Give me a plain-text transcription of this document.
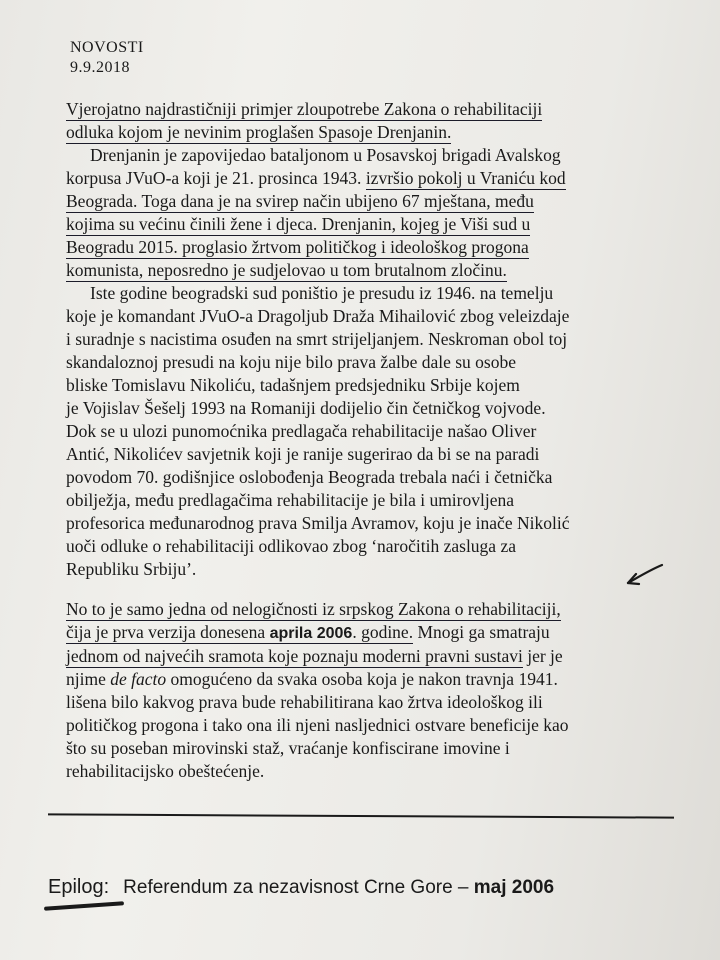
NOVOSTI
9.9.2018
Vjerojatno najdrastičniji primjer zloupotrebe Zakona o rehabilitaciji
odluka kojom je nevinim proglašen Spasoje Drenjanin.
Drenjanin je zapovijedao bataljonom u Posavskoj brigadi Avalskog
korpusa JVuO-a koji je 21. prosinca 1943. izvršio pokolj u Vraniću kod
Beograda. Toga dana je na svirep način ubijeno 67 mještana, među
kojima su većinu činili žene i djeca. Drenjanin, kojeg je Viši sud u
Beogradu 2015. proglasio žrtvom političkog i ideološkog progona
komunista, neposredno je sudjelovao u tom brutalnom zločinu.
Iste godine beogradski sud poništio je presudu iz 1946. na temelju
koje je komandant JVuO-a Dragoljub Draža Mihailović zbog veleizdaje
i suradnje s nacistima osuđen na smrt strijeljanjem. Neskroman obol toj
skandaloznoj presudi na koju nije bilo prava žalbe dale su osobe
bliske Tomislavu Nikoliću, tadašnjem predsjedniku Srbije kojem
je Vojislav Šešelj 1993 na Romaniji dodijelio čin četničkog vojvode.
Dok se u ulozi punomoćnika predlagača rehabilitacije našao Oliver
Antić, Nikolićev savjetnik koji je ranije sugerirao da bi se na paradi
povodom 70. godišnjice oslobođenja Beograda trebala naći i četnička
obilježja, među predlagačima rehabilitacije je bila i umirovljena
profesorica međunarodnog prava Smilja Avramov, koju je inače Nikolić
uoči odluke o rehabilitaciji odlikovao zbog ‘naročitih zasluga za
Republiku Srbiju’.
No to je samo jedna od nelogičnosti iz srpskog Zakona o rehabilitaciji,
čija je prva verzija donesena aprila 2006. godine. Mnogi ga smatraju
jednom od najvećih sramota koje poznaju moderni pravni sustavi jer je
njime de facto omogućeno da svaka osoba koja je nakon travnja 1941.
lišena bilo kakvog prava bude rehabilitirana kao žrtva ideološkog ili
političkog progona i tako ona ili njeni nasljednici ostvare beneficije kao
što su poseban mirovinski staž, vraćanje konfiscirane imovine i
rehabilitacijsko obeštećenje.
Epilog: Referendum za nezavisnost Crne Gore – maj 2006
